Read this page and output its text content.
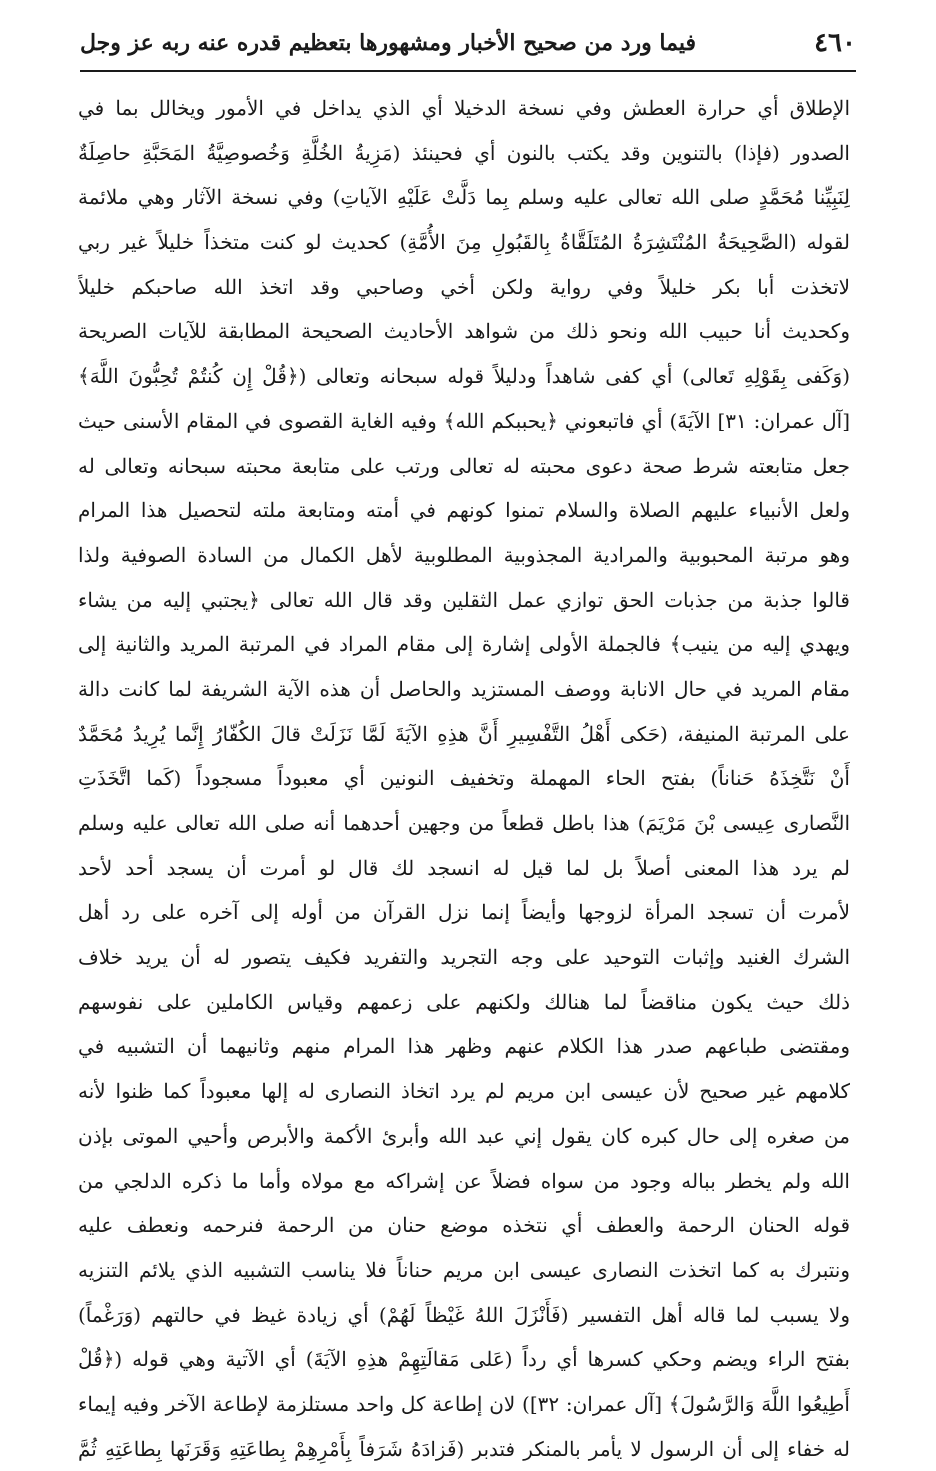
٤٦٠
فيما ورد من صحيح الأخبار ومشهورها بتعظيم قدره عنه ربه عز وجل
الإطلاق أي حرارة العطش وفي نسخة الدخيلا أي الذي يداخل في الأمور ويخالل بما في
الصدور (فإذا) بالتنوين وقد يكتب بالنون أي فحينئذ (مَزِيةُ الخُلَّةِ وَخُصوصِيَّةُ المَحَبَّةِ حاصِلَةٌ
لِنَبِيِّنا مُحَمَّدٍ صلى الله تعالى عليه وسلم بِما دَلَّتْ عَلَيْهِ الآياتِ) وفي نسخة الآثار وهي ملائمة
لقوله (الصَّحِيحَةُ المُنْتَشِرَةُ المُتَلَقَّاةُ بِالقَبُولِ مِنَ الأُمَّةِ) كحديث لو كنت متخذاً خليلاً غير ربي
لاتخذت أبا بكر خليلاً وفي رواية ولكن أخي وصاحبي وقد اتخذ الله صاحبكم خليلاً
وكحديث أنا حبيب الله ونحو ذلك من شواهد الأحاديث الصحيحة المطابقة للآيات الصريحة
(وَكَفى بِقَوْلِهِ تَعالى) أي كفى شاهداً ودليلاً قوله سبحانه وتعالى (﴿قُلْ إِن كُنتُمْ تُحِبُّونَ اللَّهَ﴾
[آل عمران: ٣١] الآيَةَ) أي فاتبعوني ﴿يحببكم الله﴾ وفيه الغاية القصوى في المقام الأسنى حيث
جعل متابعته شرط صحة دعوى محبته له تعالى ورتب على متابعة محبته سبحانه وتعالى له
ولعل الأنبياء عليهم الصلاة والسلام تمنوا كونهم في أمته ومتابعة ملته لتحصيل هذا المرام
وهو مرتبة المحبوبية والمرادية المجذوبية المطلوبية لأهل الكمال من السادة الصوفية ولذا
قالوا جذبة من جذبات الحق توازي عمل الثقلين وقد قال الله تعالى ﴿يجتبي إليه من يشاء
ويهدي إليه من ينيب﴾ فالجملة الأولى إشارة إلى مقام المراد في المرتبة المريد والثانية إلى
مقام المريد في حال الانابة ووصف المستزيد والحاصل أن هذه الآية الشريفة لما كانت دالة
على المرتبة المنيفة، (حَكى أَهْلُ التَّفْسِيرِ أَنَّ هذِهِ الآيَةَ لَمَّا نَزَلَتْ قالَ الكُفّارُ إِنَّما يُرِيدُ مُحَمَّدٌ
أَنْ نَتَّخِذَهُ حَناناً) بفتح الحاء المهملة وتخفيف النونين أي معبوداً مسجوداً (كَما اتَّخَذَتِ
النَّصارى عِيسى بْنَ مَرْيَمَ) هذا باطل قطعاً من وجهين أحدهما أنه صلى الله تعالى عليه وسلم
لم يرد هذا المعنى أصلاً بل لما قيل له انسجد لك قال لو أمرت أن يسجد أحد لأحد
لأمرت أن تسجد المرأة لزوجها وأيضاً إنما نزل القرآن من أوله إلى آخره على رد أهل
الشرك الغنيد وإثبات التوحيد على وجه التجريد والتفريد فكيف يتصور له أن يريد خلاف
ذلك حيث يكون مناقضاً لما هنالك ولكنهم على زعمهم وقياس الكاملين على نفوسهم
ومقتضى طباعهم صدر هذا الكلام عنهم وظهر هذا المرام منهم وثانيهما أن التشبيه في
كلامهم غير صحيح لأن عيسى ابن مريم لم يرد اتخاذ النصارى له إلها معبوداً كما ظنوا لأنه
من صغره إلى حال كبره كان يقول إني عبد الله وأبرئ الأكمة والأبرص وأحيي الموتى بإذن
الله ولم يخطر بباله وجود من سواه فضلاً عن إشراكه مع مولاه وأما ما ذكره الدلجي من
قوله الحنان الرحمة والعطف أي نتخذه موضع حنان من الرحمة فنرحمه ونعطف عليه
ونتبرك به كما اتخذت النصارى عيسى ابن مريم حناناً فلا يناسب التشبيه الذي يلائم التنزيه
ولا يسبب لما قاله أهل التفسير (فَأَنْزَلَ اللهُ غَيْظاً لَهُمْ) أي زيادة غيظ في حالتهم (وَرَغْماً)
بفتح الراء ويضم وحكي كسرها أي رداً (عَلى مَقالَتِهِمْ هذِهِ الآيَةَ) أي الآتية وهي قوله (﴿قُلْ
أَطِيعُوا اللَّهَ وَالرَّسُولَ﴾ [آل عمران: ٣٢]) لان إطاعة كل واحد مستلزمة لإطاعة الآخر وفيه إيماء
له خفاء إلى أن الرسول لا يأمر بالمنكر فتدبر (فَزادَهُ شَرَفاً بِأَمْرِهِمْ بِطاعَتِهِ وَقَرَنَها بِطاعَتِهِ ثُمَّ
